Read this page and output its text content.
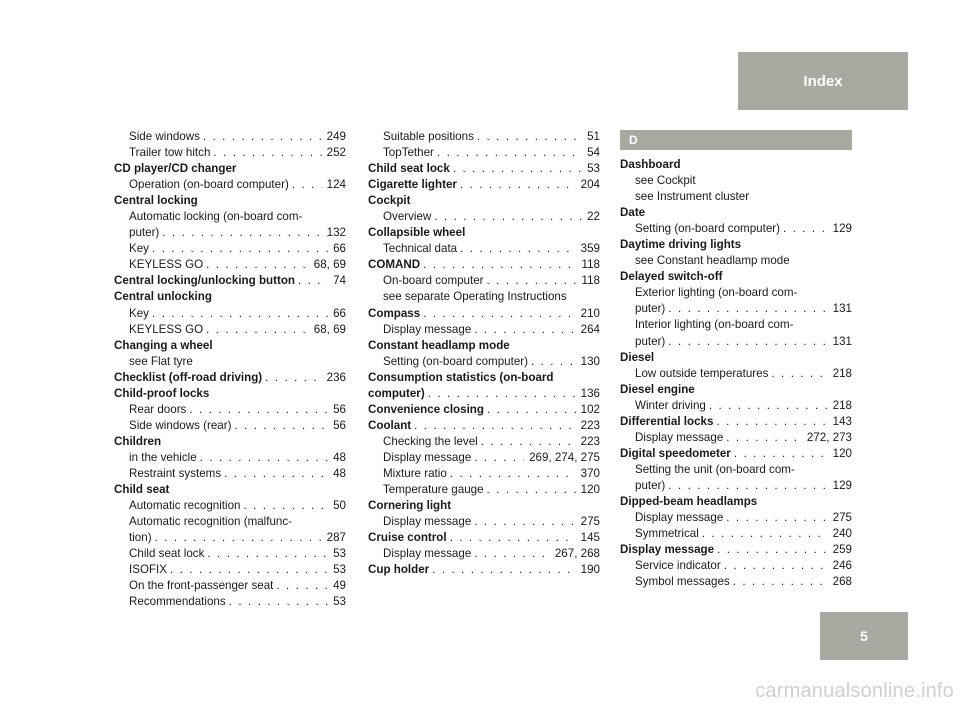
Index
Side windows . . .	249
Trailer tow hitch . . .	252
CD player/CD changer
Operation (on-board computer) . . .	124
Central locking
Automatic locking (on-board com-
puter) . . .	132
Key . . .	66
KEYLESS GO . . .	68, 69
Central locking/unlocking button . . .	74
Central unlocking
Key . . .	66
KEYLESS GO . . .	68, 69
Changing a wheel
see Flat tyre
Checklist (off-road driving) . . .	236
Child-proof locks
Rear doors . . .	56
Side windows (rear) . . .	56
Children
in the vehicle . . .	48
Restraint systems . . .	48
Child seat
Automatic recognition . . .	50
Automatic recognition (malfunc-
tion) . . .	287
Child seat lock . . .	53
ISOFIX . . .	53
On the front-passenger seat . . .	49
Recommendations . . .	53
Suitable positions . . .	51
TopTether . . .	54
Child seat lock . . .	53
Cigarette lighter . . .	204
Cockpit
Overview . . .	22
Collapsible wheel
Technical data . . .	359
COMAND . . .	118
On-board computer . . .	118
see separate Operating Instructions
Compass . . .	210
Display message . . .	264
Constant headlamp mode
Setting (on-board computer) . . .	130
Consumption statistics (on-board
computer) . . .	136
Convenience closing . . .	102
Coolant . . .	223
Checking the level . . .	223
Display message . . .	269, 274, 275
Mixture ratio . . .	370
Temperature gauge . . .	120
Cornering light
Display message . . .	275
Cruise control . . .	145
Display message . . .	267, 268
Cup holder . . .	190
D
Dashboard
see Cockpit
see Instrument cluster
Date
Setting (on-board computer) . . .	129
Daytime driving lights
see Constant headlamp mode
Delayed switch-off
Exterior lighting (on-board com-
puter) . . .	131
Interior lighting (on-board com-
puter) . . .	131
Diesel
Low outside temperatures . . .	218
Diesel engine
Winter driving . . .	218
Differential locks . . .	143
Display message . . .	272, 273
Digital speedometer . . .	120
Setting the unit (on-board com-
puter) . . .	129
Dipped-beam headlamps
Display message . . .	275
Symmetrical . . .	240
Display message . . .	259
Service indicator . . .	246
Symbol messages . . .	268
5
carmanualsonline.info
